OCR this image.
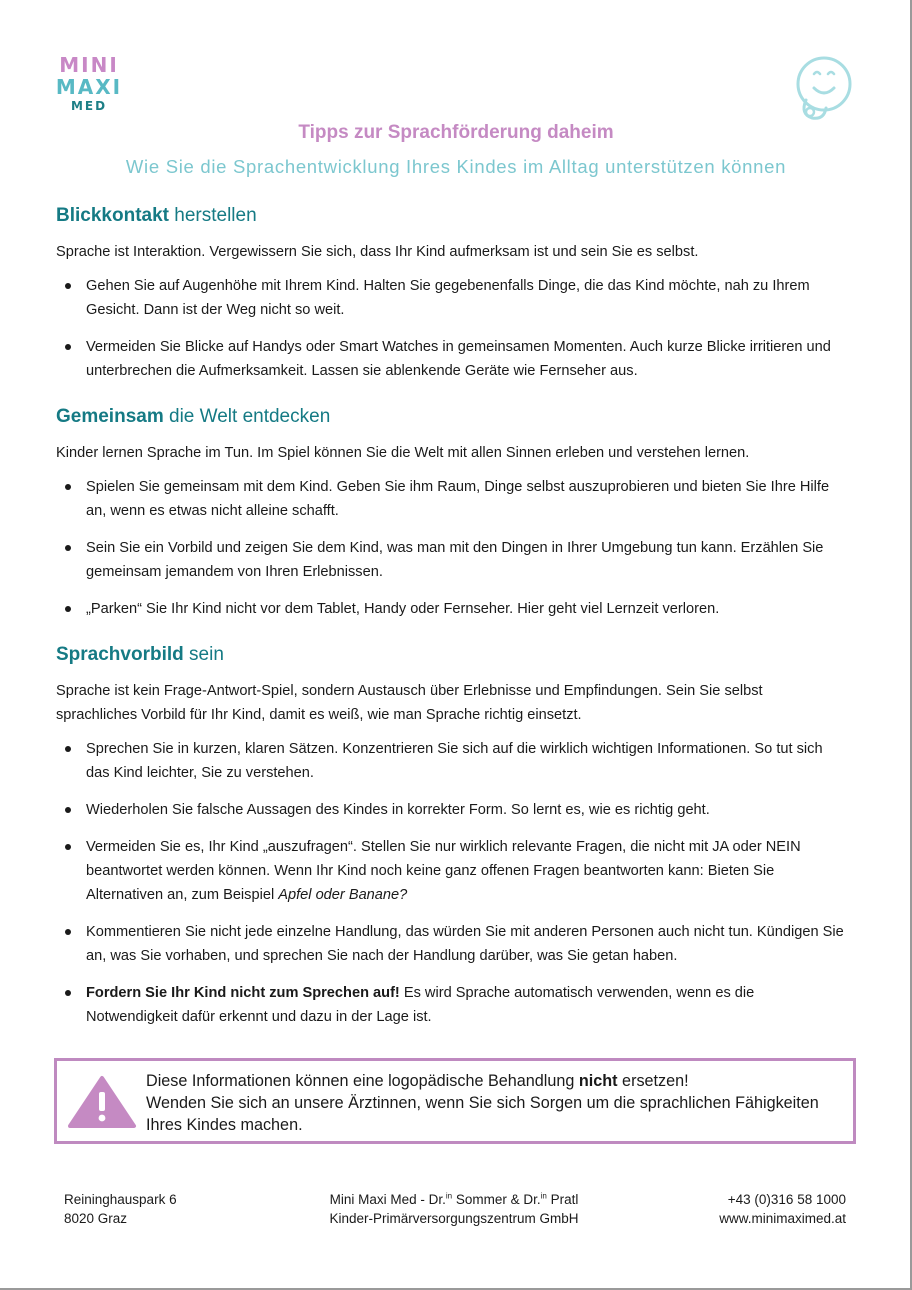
MINI
MAXI
MED
Tipps zur Sprachförderung daheim
Wie Sie die Sprachentwicklung Ihres Kindes im Alltag unterstützen können
Blickkontakt herstellen

Sprache ist Interaktion. Vergewissern Sie sich, dass Ihr Kind aufmerksam ist und sein Sie es selbst.

Gehen Sie auf Augenhöhe mit Ihrem Kind. Halten Sie gegebenenfalls Dinge, die das Kind möchte, nah zu Ihrem Gesicht. Dann ist der Weg nicht so weit.
Vermeiden Sie Blicke auf Handys oder Smart Watches in gemeinsamen Momenten. Auch kurze Blicke irritieren und unterbrechen die Aufmerksamkeit. Lassen sie ablenkende Geräte wie Fernseher aus.
Gemeinsam die Welt entdecken

Kinder lernen Sprache im Tun. Im Spiel können Sie die Welt mit allen Sinnen erleben und verstehen lernen.

Spielen Sie gemeinsam mit dem Kind. Geben Sie ihm Raum, Dinge selbst auszuprobieren und bieten Sie Ihre Hilfe an, wenn es etwas nicht alleine schafft.
Sein Sie ein Vorbild und zeigen Sie dem Kind, was man mit den Dingen in Ihrer Umgebung tun kann. Erzählen Sie gemeinsam jemandem von Ihren Erlebnissen.
„Parken“ Sie Ihr Kind nicht vor dem Tablet, Handy oder Fernseher. Hier geht viel Lernzeit verloren.
Sprachvorbild sein

Sprache ist kein Frage-Antwort-Spiel, sondern Austausch über Erlebnisse und Empfindungen. Sein Sie selbst sprachliches Vorbild für Ihr Kind, damit es weiß, wie man Sprache richtig einsetzt.

Sprechen Sie in kurzen, klaren Sätzen. Konzentrieren Sie sich auf die wirklich wichtigen Informationen. So tut sich das Kind leichter, Sie zu verstehen.
Wiederholen Sie falsche Aussagen des Kindes in korrekter Form. So lernt es, wie es richtig geht.
Vermeiden Sie es, Ihr Kind „auszufragen“. Stellen Sie nur wirklich relevante Fragen, die nicht mit JA oder NEIN beantwortet werden können. Wenn Ihr Kind noch keine ganz offenen Fragen beantworten kann: Bieten Sie Alternativen an, zum Beispiel Apfel oder Banane?
Kommentieren Sie nicht jede einzelne Handlung, das würden Sie mit anderen Personen auch nicht tun. Kündigen Sie an, was Sie vorhaben, und sprechen Sie nach der Handlung darüber, was Sie getan haben.
Fordern Sie Ihr Kind nicht zum Sprechen auf! Es wird Sprache automatisch verwenden, wenn es die Notwendigkeit dafür erkennt und dazu in der Lage ist.
Diese Informationen können eine logopädische Behandlung nicht ersetzen!
Wenden Sie sich an unsere Ärztinnen, wenn Sie sich Sorgen um die sprachlichen Fähigkeiten Ihres Kindes machen.
Reininghauspark 6
8020 Graz
Mini Maxi Med - Dr.$^{in}$ Sommer & Dr.$^{in}$ Pratl
Kinder-Primärversorgungszentrum GmbH
+43 (0)316 58 1000
www.minimaximed.at
